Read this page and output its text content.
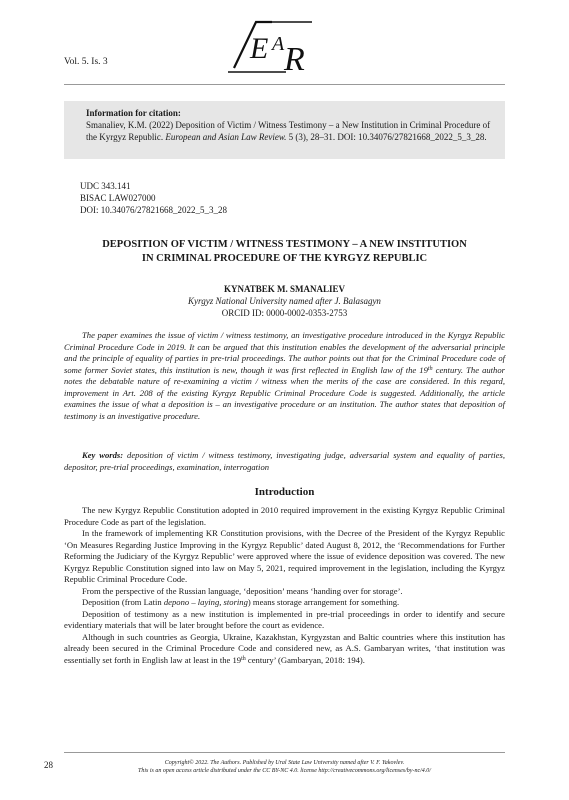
Vol. 5. Is. 3	E A R
Information for citation:
Smanaliev, K.M. (2022) Deposition of Victim / Witness Testimony – a New Institution in Criminal Procedure of the Kyrgyz Republic. European and Asian Law Review. 5 (3), 28–31. DOI: 10.34076/27821668_2022_5_3_28.
UDC 343.141
BISAC LAW027000
DOI: 10.34076/27821668_2022_5_3_28
DEPOSITION OF VICTIM / WITNESS TESTIMONY – A NEW INSTITUTION
IN CRIMINAL PROCEDURE OF THE KYRGYZ REPUBLIC
KYNATBEK M. SMANALIEV
Kyrgyz National University named after J. Balasagyn
ORCID ID: 0000-0002-0353-2753

The paper examines the issue of victim / witness testimony, an investigative procedure introduced in the Kyrgyz Republic Criminal Procedure Code in 2019. It can be argued that this institution enables the development of the adversarial principle and the principle of equality of parties in pre-trial proceedings. The author points out that for the Criminal Procedure code of some former Soviet states, this institution is new, though it was first reflected in English law of the 19th century. The author notes the debatable nature of re-examining a victim / witness when the merits of the case are considered. In this regard, improvement in Art. 208 of the existing Kyrgyz Republic Criminal Procedure Code is suggested. Additionally, the article examines the issue of what a deposition is – an investigative procedure or an institution. The author states that deposition of testimony is an investigative procedure.

Key words: deposition of victim / witness testimony, investigating judge, adversarial system and equality of parties, depositor, pre-trial proceedings, examination, interrogation

Introduction

The new Kyrgyz Republic Constitution adopted in 2010 required improvement in the existing Kyrgyz Republic Criminal Procedure Code as part of the legislation.

In the framework of implementing KR Constitution provisions, with the Decree of the President of the Kyrgyz Republic ‘On Measures Regarding Justice Improving in the Kyrgyz Republic’ dated August 8, 2012, the ‘Recommendations for Further Reforming the Judiciary of the Kyrgyz Republic’ were approved where the issue of evidence deposition was covered. The new Kyrgyz Republic Constitution signed into law on May 5, 2021, required improvement in the legislation, including the Kyrgyz Republic Criminal Procedure Code.

From the perspective of the Russian language, ‘deposition’ means ‘handing over for storage’.

Deposition (from Latin depono – laying, storing) means storage arrangement for something.

Deposition of testimony as a new institution is implemented in pre-trial proceedings in order to identify and secure evidentiary materials that will be later brought before the court as evidence.

Although in such countries as Georgia, Ukraine, Kazakhstan, Kyrgyzstan and Baltic countries where this institution has already been secured in the Criminal Procedure Code and considered new, as A.S. Gambaryan writes, ‘that institution was essentially set forth in English law at least in the 19th century’ (Gambaryan, 2018: 194).

28	Copyright© 2022. The Authors. Published by Ural State Law University named after V. F. Yakovlev.
This is an open access article distributed under the CC BY-NC 4.0. license http://creativecommons.org/licenses/by-nc/4.0/
